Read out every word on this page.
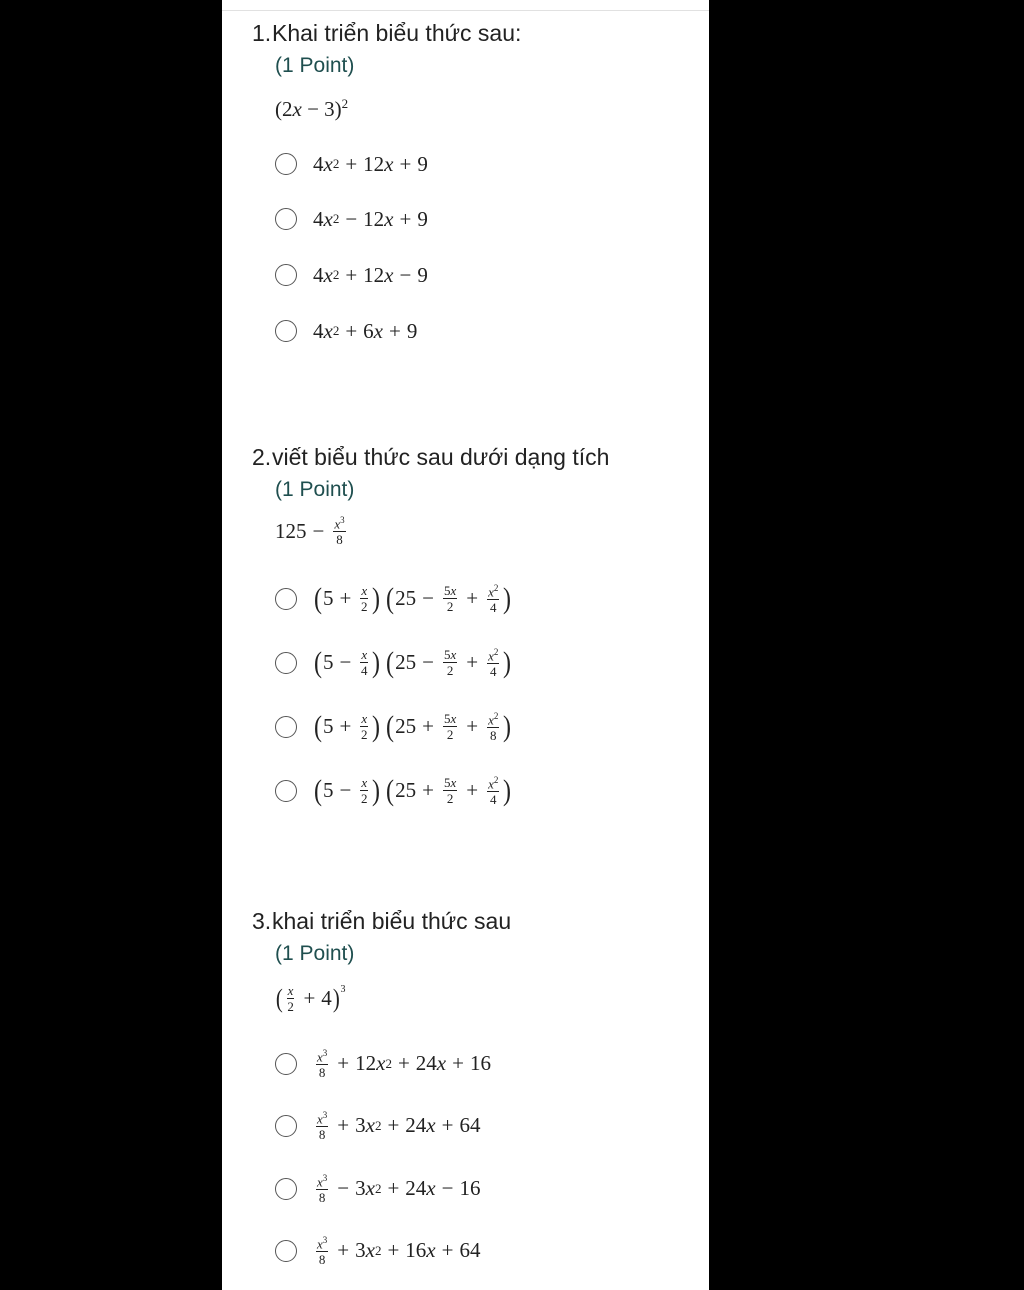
1.Khai triển biểu thức sau:
(1 Point)
$(2x - 3)^2$
4 x 2 + 12 x + 9
4 x 2 − 12 x + 9
4 x 2 + 12 x − 9
4 x 2 + 6 x + 9
2.viết biểu thức sau dưới dạng tích
(1 Point)
$125 - \frac{x^3}{8}$
( $5 + \frac{x}{2}$ ) ( $25 - \frac{5x}{2} + \frac{x^2}{4}$ )
( $5 - \frac{x}{4}$ ) ( $25 - \frac{5x}{2} + \frac{x^2}{4}$ )
( $5 + \frac{x}{2}$ ) ( $25 + \frac{5x}{2} + \frac{x^2}{8}$ )
( $5 - \frac{x}{2}$ ) ( $25 + \frac{5x}{2} + \frac{x^2}{4}$ )
3.khai triển biểu thức sau
(1 Point)
( $\frac{x}{2} + 4$ )$^3$
$\frac{x^3}{8} + 12$ x 2 + 24 x + 16
$\frac{x^3}{8} + 3$ x 2 + 24 x + 64
$\frac{x^3}{8} - 3$ x 2 + 24 x − 16
$\frac{x^3}{8} + 3$ x 2 + 16 x + 64
